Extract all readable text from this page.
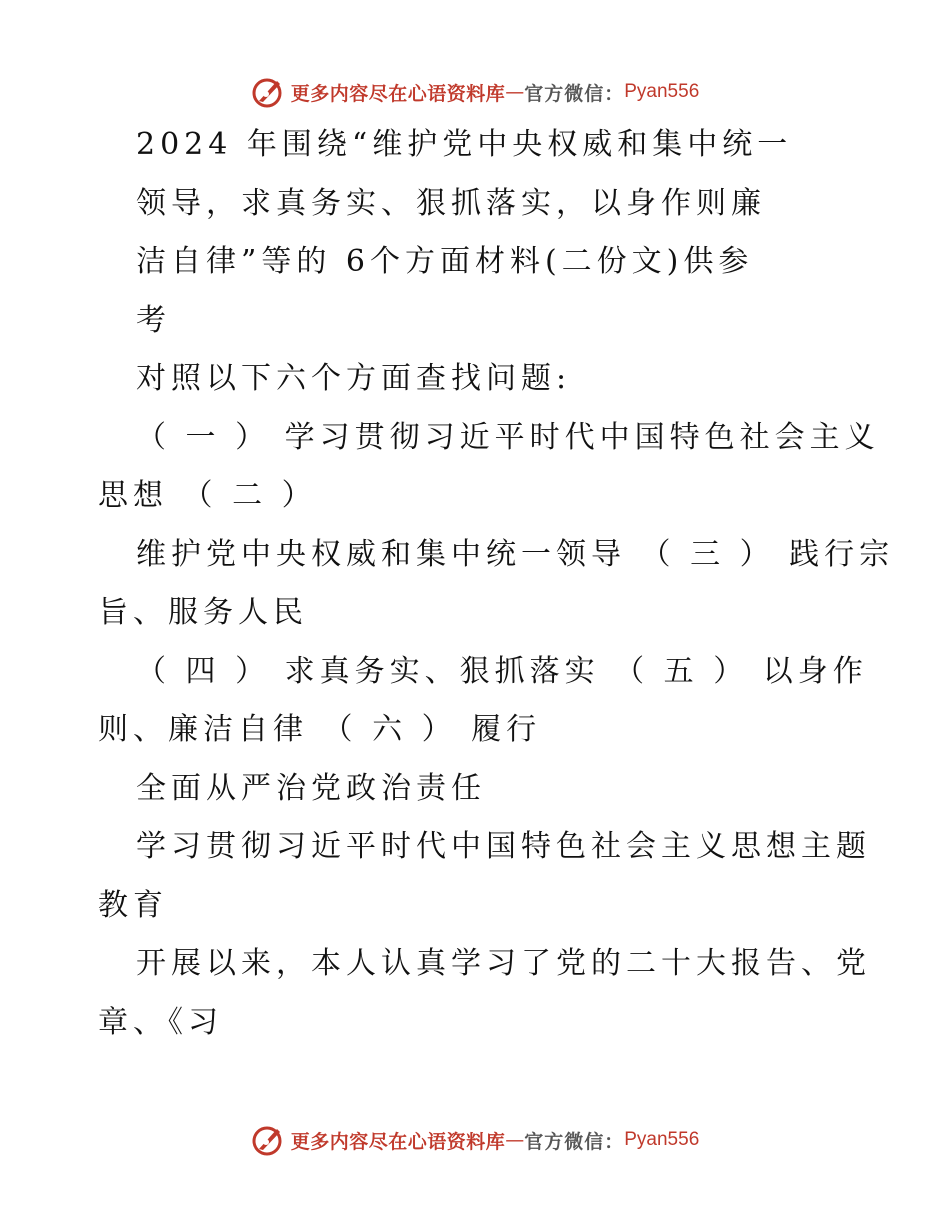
更多内容尽在心语资料库 — 官方微信： Pyan556
2024 年围绕“维护党中央权威和集中统一
领导，求真务实、狠抓落实，以身作则廉
洁自律”等的 6个方面材料(二份文)供参
考
对照以下六个方面查找问题:
（ 一 ） 学习贯彻习近平时代中国特色社会主义
思想 （ 二 ）
维护党中央权威和集中统一领导 （ 三 ） 践行宗
旨、服务人民
（ 四 ） 求真务实、狠抓落实 （ 五 ） 以身作
则、廉洁自律 （ 六 ） 履行
全面从严治党政治责任
学习贯彻习近平时代中国特色社会主义思想主题
教育
开展以来，本人认真学习了党的二十大报告、党
章、《习
更多内容尽在心语资料库 — 官方微信： Pyan556
